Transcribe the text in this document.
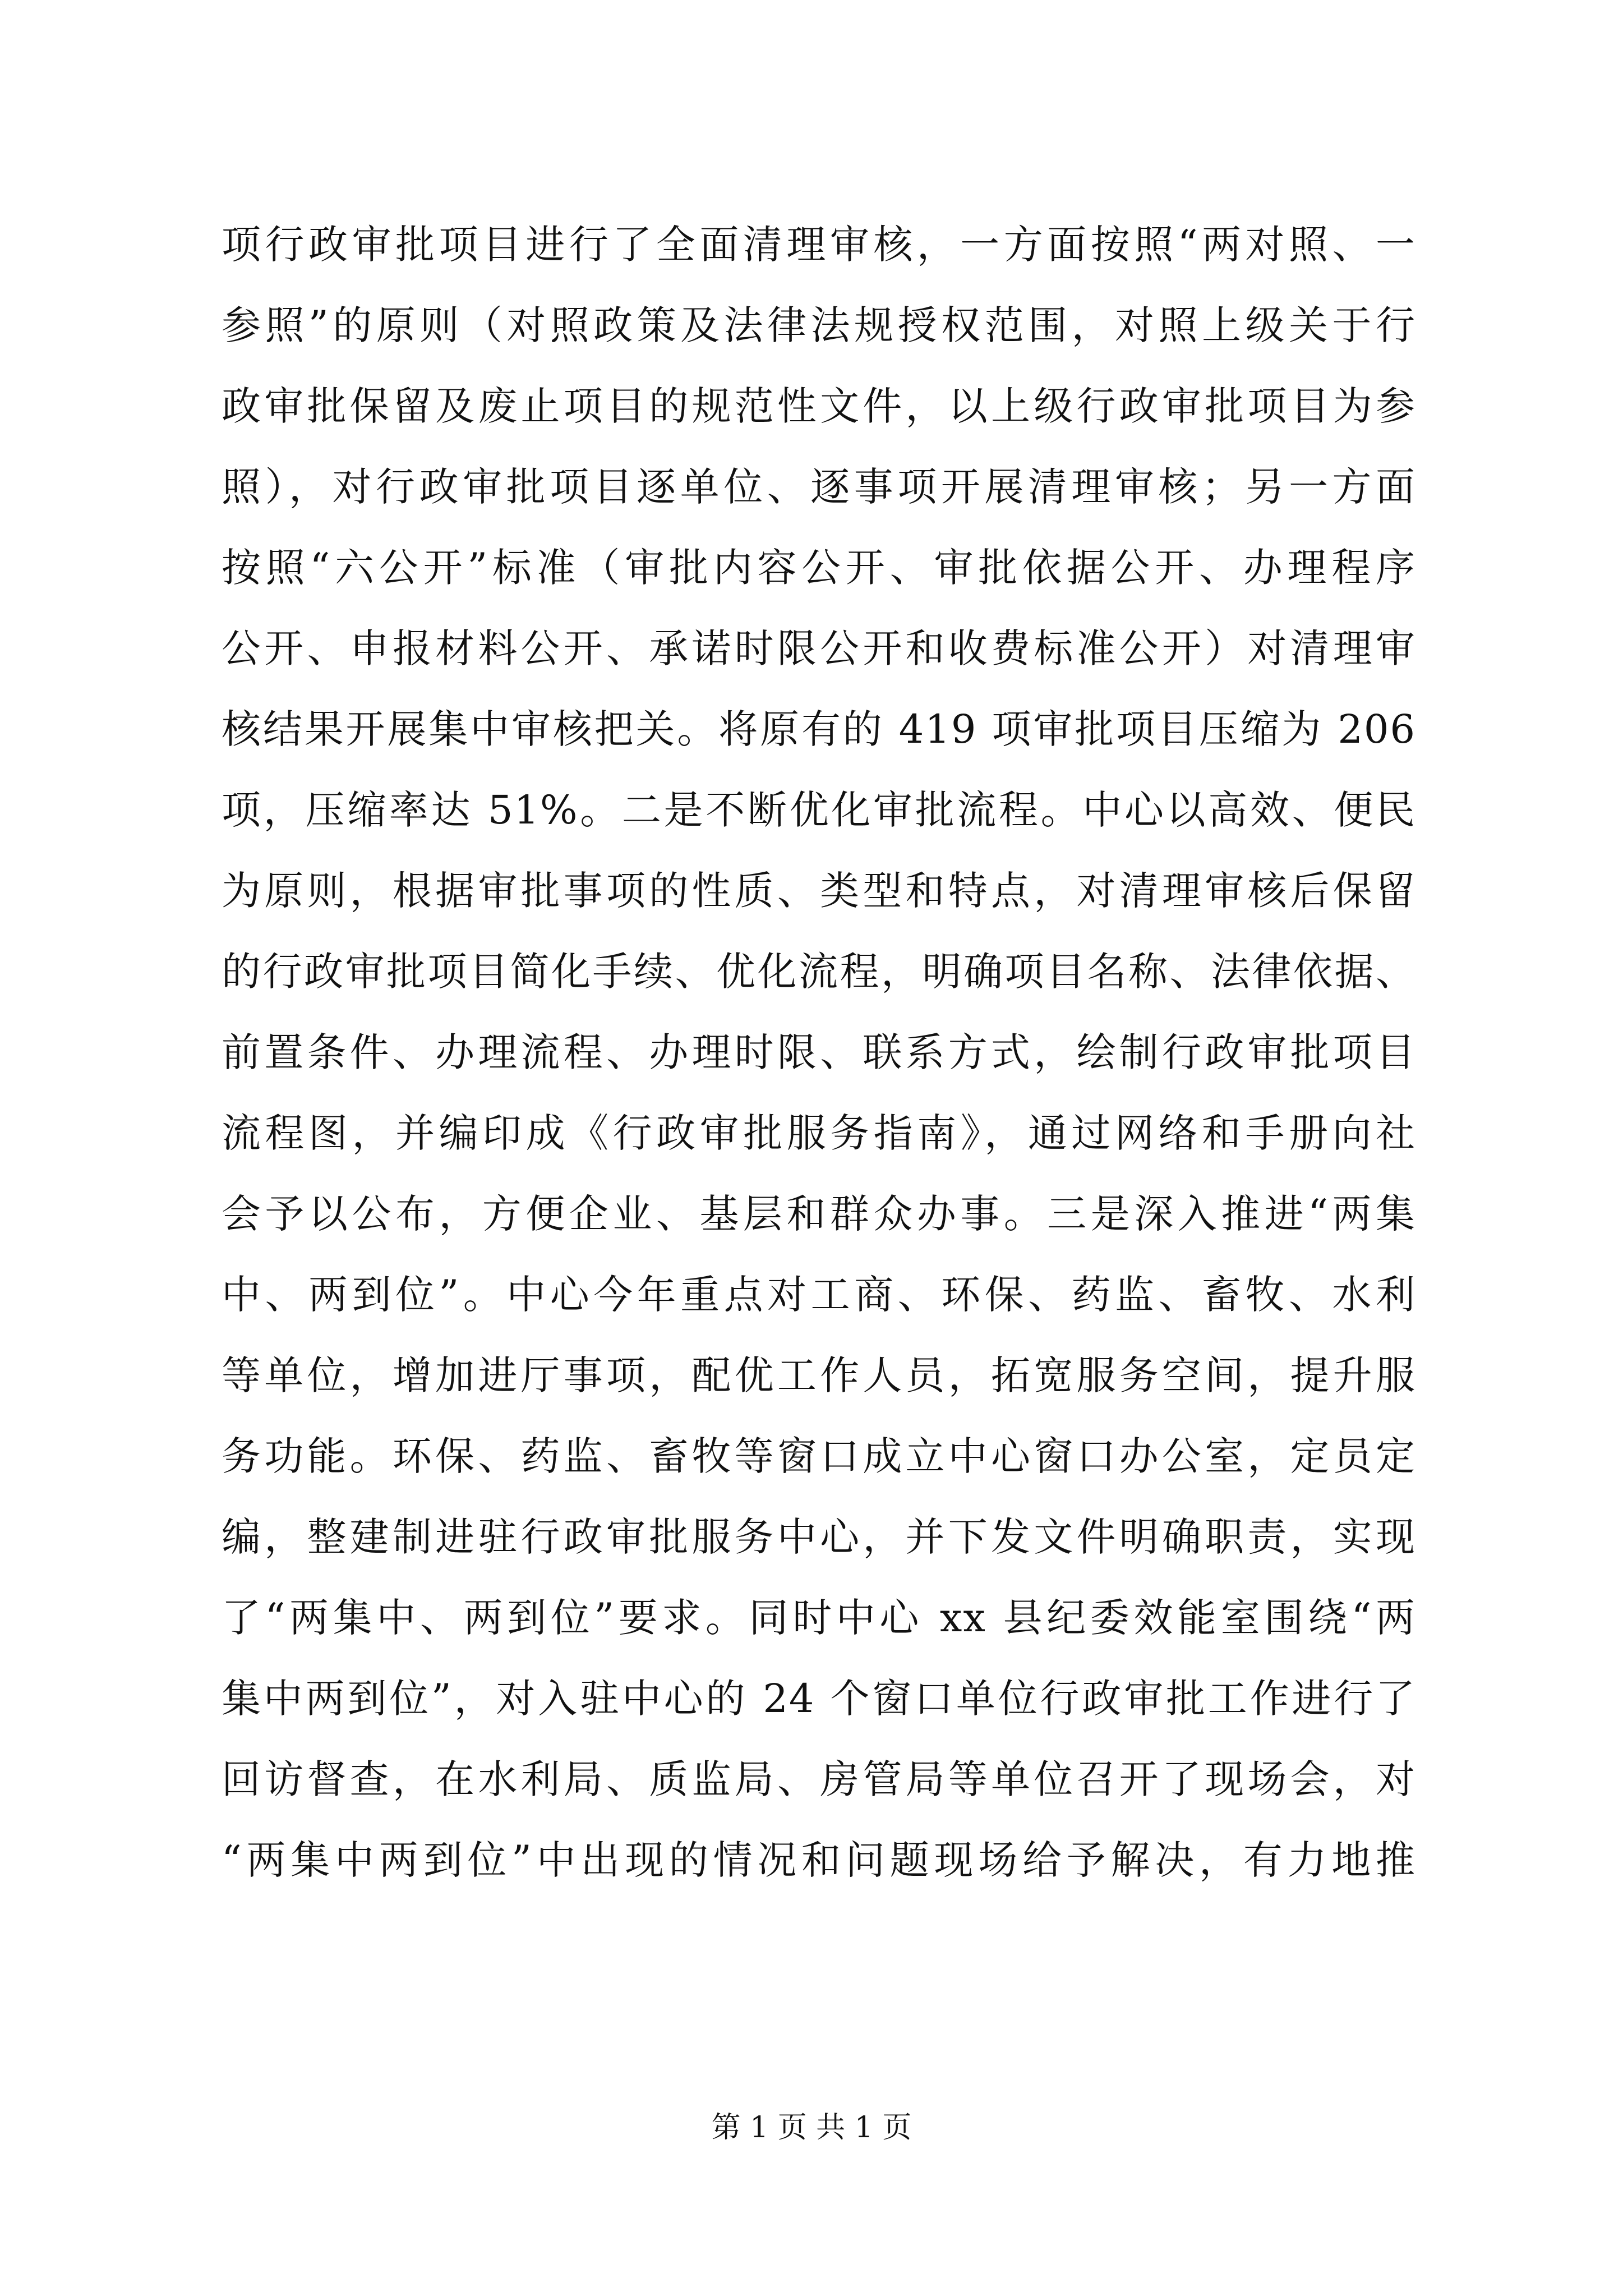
项行政审批项目进行了全面清理审核，一方面按照“两对照、一
参照”的原则（对照政策及法律法规授权范围，对照上级关于行
政审批保留及废止项目的规范性文件，以上级行政审批项目为参
照），对行政审批项目逐单位、逐事项开展清理审核；另一方面
按照“六公开”标准（审批内容公开、审批依据公开、办理程序
公开、申报材料公开、承诺时限公开和收费标准公开）对清理审
核结果开展集中审核把关。将原有的 419 项审批项目压缩为 206
项，压缩率达 51%。二是不断优化审批流程。中心以高效、便民
为原则，根据审批事项的性质、类型和特点，对清理审核后保留
的行政审批项目简化手续、优化流程，明确项目名称、法律依据、
前置条件、办理流程、办理时限、联系方式，绘制行政审批项目
流程图，并编印成《行政审批服务指南》，通过网络和手册向社
会予以公布，方便企业、基层和群众办事。三是深入推进“两集
中、两到位”。中心今年重点对工商、环保、药监、畜牧、水利
等单位，增加进厅事项，配优工作人员，拓宽服务空间，提升服
务功能。环保、药监、畜牧等窗口成立中心窗口办公室，定员定
编，整建制进驻行政审批服务中心，并下发文件明确职责，实现
了“两集中、两到位”要求。同时中心 xx 县纪委效能室围绕“两
集中两到位”，对入驻中心的 24 个窗口单位行政审批工作进行了
回访督查，在水利局、质监局、房管局等单位召开了现场会，对
“两集中两到位”中出现的情况和问题现场给予解决，有力地推
第 1 页 共 1 页
